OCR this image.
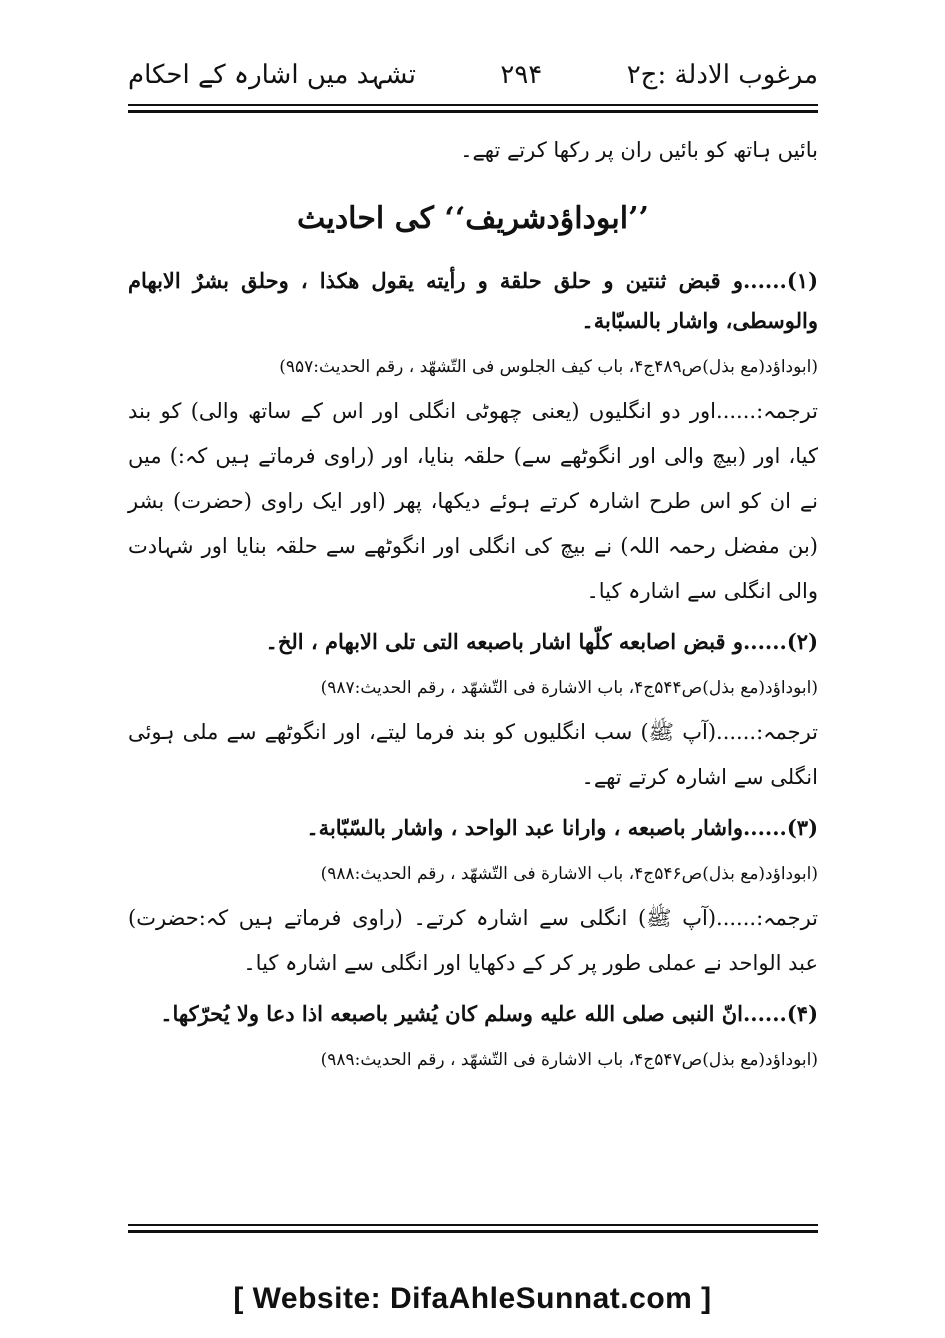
مرغوب الادلة :ج۲
۲۹۴
تشہد میں اشارہ کے احکام

بائیں ہاتھ کو بائیں ران پر رکھا کرتے تھے۔

’’ابوداؤدشریف‘‘ کی احادیث

(۱)......و قبض ثنتين و حلق حلقة و رأيته يقول هكذا ، وحلق بشرٌ الابهام والوسطى، واشار بالسبّابة۔

(ابوداؤد(مع بذل)ص۴۸۹ج۴، باب كيف الجلوس فى التّشهّد ، رقم الحديث:۹۵۷)

ترجمہ:......اور دو انگلیوں (یعنی چھوٹی انگلی اور اس کے ساتھ والی) کو بند کیا، اور (بیچ والی اور انگوٹھے سے) حلقہ بنایا، اور (راوی فرماتے ہیں کہ:) میں نے ان کو اس طرح اشارہ کرتے ہوئے دیکھا، پھر (اور ایک راوی (حضرت) بشر (بن مفضل رحمہ اللہ) نے بیچ کی انگلی اور انگوٹھے سے حلقہ بنایا اور شہادت والی انگلی سے اشارہ کیا۔

(۲)......و قبض اصابعه كلّها اشار باصبعه التى تلى الابهام ، الخ۔

(ابوداؤد(مع بذل)ص۵۴۴ج۴، باب الاشارة فى التّشهّد ، رقم الحديث:۹۸۷)

ترجمہ:......(آپ ﷺ) سب انگلیوں کو بند فرما لیتے، اور انگوٹھے سے ملی ہوئی انگلی سے اشارہ کرتے تھے۔

(۳)......واشار باصبعه ، وارانا عبد الواحد ، واشار بالسّبّابة۔

(ابوداؤد(مع بذل)ص۵۴۶ج۴، باب الاشارة فى التّشهّد ، رقم الحديث:۹۸۸)

ترجمہ:......(آپ ﷺ) انگلی سے اشارہ کرتے۔ (راوی فرماتے ہیں کہ:حضرت) عبد الواحد نے عملی طور پر کر کے دکھایا اور انگلی سے اشارہ کیا۔

(۴)......انّ النبى صلى الله عليه وسلم كان يُشير باصبعه اذا دعا ولا يُحرّكها۔

(ابوداؤد(مع بذل)ص۵۴۷ج۴، باب الاشارة فى التّشهّد ، رقم الحديث:۹۸۹)

[ Website: DifaAhleSunnat.com ]
